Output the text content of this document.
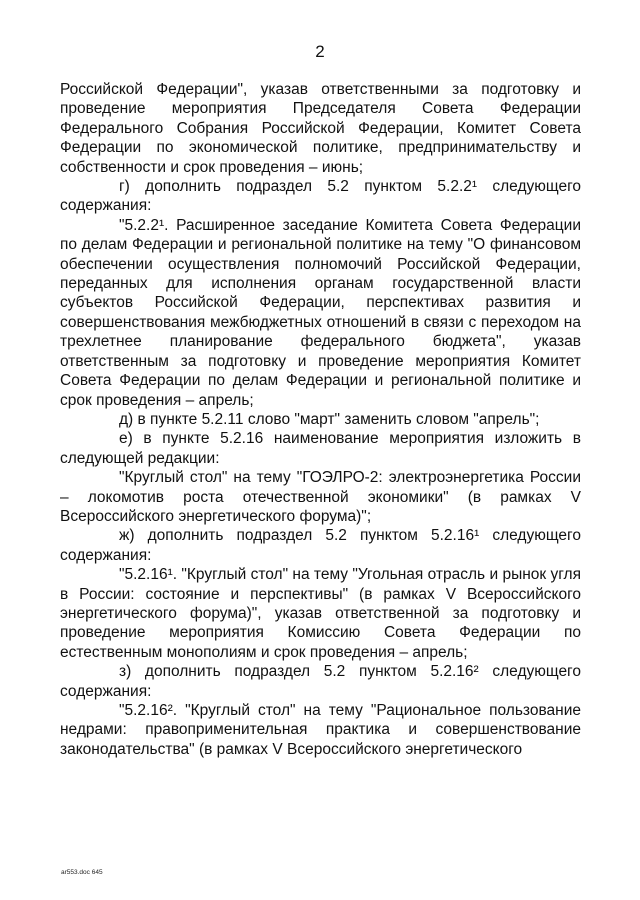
2

Российской Федерации", указав ответственными за подготовку и проведение мероприятия Председателя Совета Федерации Федерального Собрания Российской Федерации, Комитет Совета Федерации по экономической политике, предпринимательству и собственности и срок проведения – июнь;

г) дополнить подраздел 5.2 пунктом 5.2.2¹ следующего содержания:

"5.2.2¹. Расширенное заседание Комитета Совета Федерации по делам Федерации и региональной политике на тему "О финансовом обеспечении осуществления полномочий Российской Федерации, переданных для исполнения органам государственной власти субъектов Российской Федерации, перспективах развития и совершенствования межбюджетных отношений в связи с переходом на трехлетнее планирование федерального бюджета", указав ответственным за подготовку и проведение мероприятия Комитет Совета Федерации по делам Федерации и региональной политике и срок проведения – апрель;

д) в пункте 5.2.11 слово "март" заменить словом "апрель";

е) в пункте 5.2.16 наименование мероприятия изложить в следующей редакции:

"Круглый стол" на тему "ГОЭЛРО-2: электроэнергетика России – локомотив роста отечественной экономики" (в рамках V Всероссийского энергетического форума)";

ж) дополнить подраздел 5.2 пунктом 5.2.16¹ следующего содержания:

"5.2.16¹. "Круглый стол" на тему "Угольная отрасль и рынок угля в России: состояние и перспективы" (в рамках V Всероссийского энергетического форума)", указав ответственной за подготовку и проведение мероприятия Комиссию Совета Федерации по естественным монополиям и срок проведения – апрель;

з) дополнить подраздел 5.2 пунктом 5.2.16² следующего содержания:

"5.2.16². "Круглый стол" на тему "Рациональное пользование недрами: правоприменительная практика и совершенствование законодательства" (в рамках V Всероссийского энергетического

ar553.doc 645
